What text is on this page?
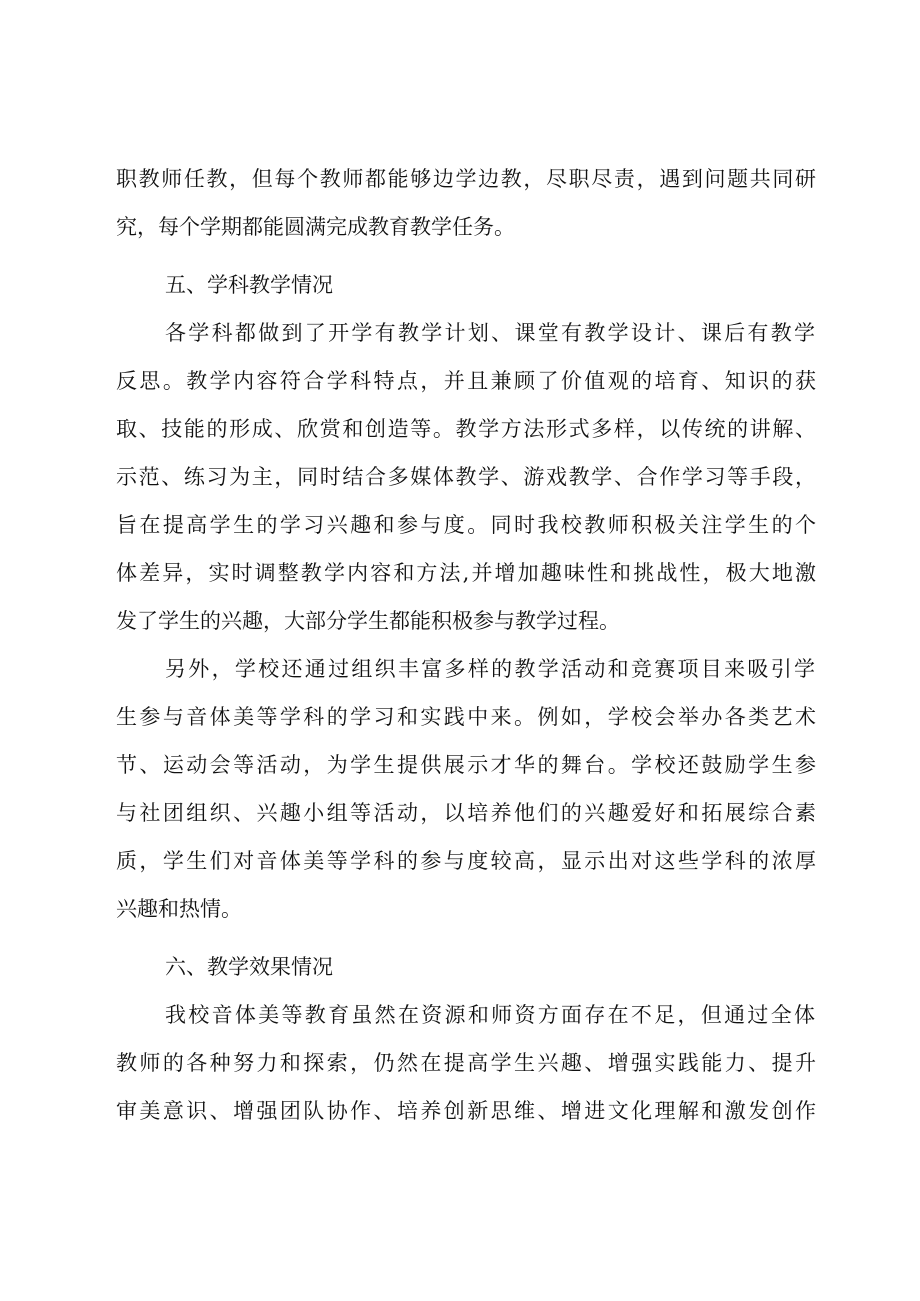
职教师任教，但每个教师都能够边学边教，尽职尽责，遇到问题共同研
究，每个学期都能圆满完成教育教学任务。
五、学科教学情况
各学科都做到了开学有教学计划、课堂有教学设计、课后有教学
反思。教学内容符合学科特点，并且兼顾了价值观的培育、知识的获
取、技能的形成、欣赏和创造等。教学方法形式多样，以传统的讲解、
示范、练习为主，同时结合多媒体教学、游戏教学、合作学习等手段，
旨在提高学生的学习兴趣和参与度。同时我校教师积极关注学生的个
体差异，实时调整教学内容和方法,并增加趣味性和挑战性，极大地激
发了学生的兴趣，大部分学生都能积极参与教学过程。
另外，学校还通过组织丰富多样的教学活动和竞赛项目来吸引学
生参与音体美等学科的学习和实践中来。例如，学校会举办各类艺术
节、运动会等活动，为学生提供展示才华的舞台。学校还鼓励学生参
与社团组织、兴趣小组等活动，以培养他们的兴趣爱好和拓展综合素
质，学生们对音体美等学科的参与度较高，显示出对这些学科的浓厚
兴趣和热情。
六、教学效果情况
我校音体美等教育虽然在资源和师资方面存在不足，但通过全体
教师的各种努力和探索，仍然在提高学生兴趣、增强实践能力、提升
审美意识、增强团队协作、培养创新思维、增进文化理解和激发创作
